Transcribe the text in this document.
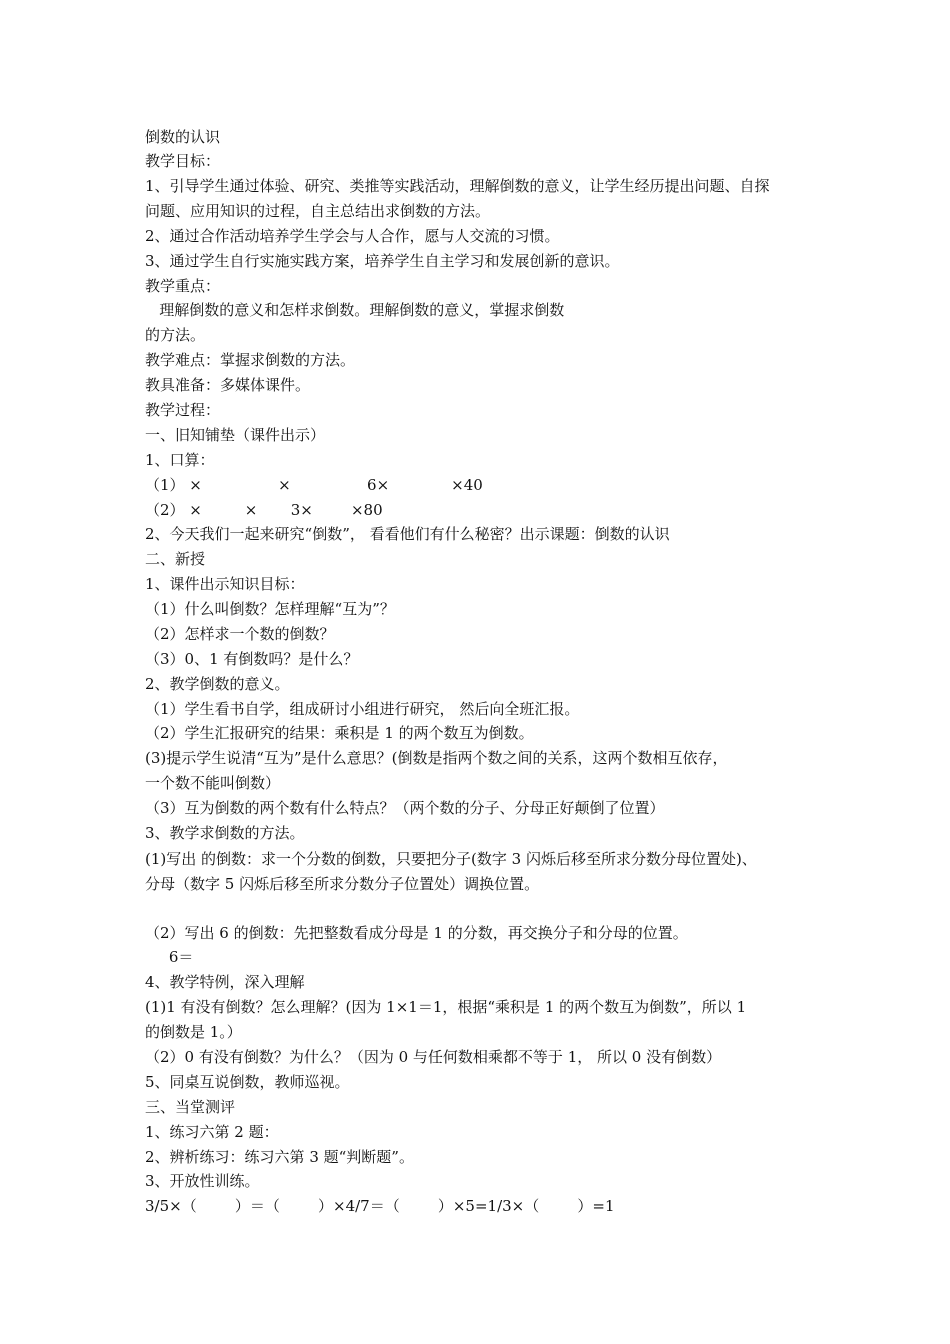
倒数的认识
教学目标：
1、引导学生通过体验、研究、类推等实践活动，理解倒数的意义，让学生经历提出问题、自探
问题、应用知识的过程，自主总结出求倒数的方法。
2、通过合作活动培养学生学会与人合作，愿与人交流的习惯。
3、通过学生自行实施实践方案，培养学生自主学习和发展创新的意识。
教学重点：
理解倒数的意义和怎样求倒数。理解倒数的意义，掌握求倒数
的方法。
教学难点：掌握求倒数的方法。
教具准备：多媒体课件。
教学过程：
一、旧知铺垫（课件出示）
1、口算：
（1） ×                ×                6×             ×40
（2） ×         ×       3×        ×80
2、今天我们一起来研究“倒数”， 看看他们有什么秘密？出示课题：倒数的认识
二、新授
1、课件出示知识目标：
（1）什么叫倒数？怎样理解“互为”？
（2）怎样求一个数的倒数？
（3）0、1 有倒数吗？是什么？
2、教学倒数的意义。
（1）学生看书自学，组成研讨小组进行研究， 然后向全班汇报。
（2）学生汇报研究的结果：乘积是 1 的两个数互为倒数。
(3)提示学生说清“互为”是什么意思？(倒数是指两个数之间的关系，这两个数相互依存，
一个数不能叫倒数）
（3）互为倒数的两个数有什么特点？（两个数的分子、分母正好颠倒了位置）
3、教学求倒数的方法。
(1)写出 的倒数：求一个分数的倒数，只要把分子(数字 3 闪烁后移至所求分数分母位置处)、
分母（数字 5 闪烁后移至所求分数分子位置处）调换位置。
（2）写出 6 的倒数：先把整数看成分母是 1 的分数，再交换分子和分母的位置。
6＝
4、教学特例，深入理解
(1)1 有没有倒数？怎么理解？(因为 1×1＝1，根据“乘积是 1 的两个数互为倒数”，所以 1
的倒数是 1。）
（2）0 有没有倒数？为什么？（因为 0 与任何数相乘都不等于 1， 所以 0 没有倒数）
5、同桌互说倒数，教师巡视。
三、当堂测评
1、练习六第 2 题：
2、辨析练习：练习六第 3 题“判断题”。
3、开放性训练。
3/5×（        ）＝（        ）×4/7＝（        ）×5=1/3×（        ）=1
